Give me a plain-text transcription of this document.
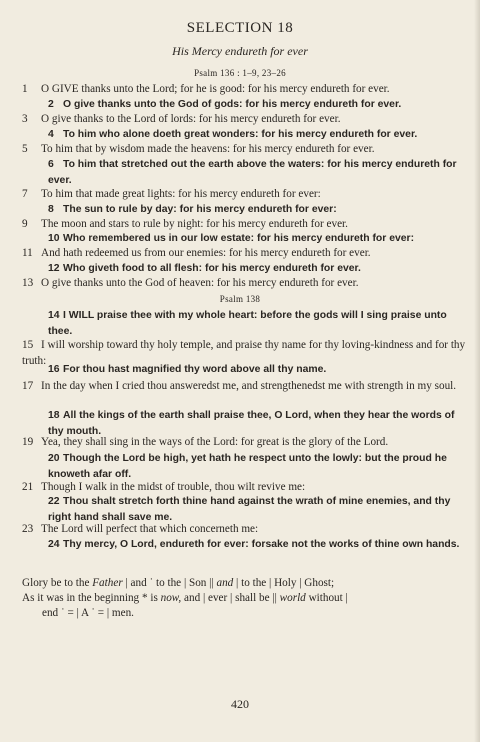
SELECTION 18
His Mercy endureth for ever
Psalm 136 : 1–9, 23–26
1 O GIVE thanks unto the Lord; for he is good: for his mercy endureth for ever.
2 O give thanks unto the God of gods: for his mercy endureth for ever.
3 O give thanks to the Lord of lords: for his mercy endureth for ever.
4 To him who alone doeth great wonders: for his mercy endureth for ever.
5 To him that by wisdom made the heavens: for his mercy endureth for ever.
6 To him that stretched out the earth above the waters: for his mercy endureth for ever.
7 To him that made great lights: for his mercy endureth for ever:
8 The sun to rule by day: for his mercy endureth for ever:
9 The moon and stars to rule by night: for his mercy endureth for ever.
10 Who remembered us in our low estate: for his mercy endureth for ever:
11 And hath redeemed us from our enemies: for his mercy endureth for ever.
12 Who giveth food to all flesh: for his mercy endureth for ever.
13 O give thanks unto the God of heaven: for his mercy endureth for ever.
14 I WILL praise thee with my whole heart: before the gods will I sing praise unto thee.
15 I will worship toward thy holy temple, and praise thy name for thy loving-kindness and for thy truth:
16 For thou hast magnified thy word above all thy name.
17 In the day when I cried thou answeredst me, and strengthenedst me with strength in my soul.
18 All the kings of the earth shall praise thee, O Lord, when they hear the words of thy mouth.
19 Yea, they shall sing in the ways of the Lord: for great is the glory of the Lord.
20 Though the Lord be high, yet hath he respect unto the lowly: but the proud he knoweth afar off.
21 Though I walk in the midst of trouble, thou wilt revive me:
22 Thou shalt stretch forth thine hand against the wrath of mine enemies, and thy right hand shall save me.
23 The Lord will perfect that which concerneth me:
24 Thy mercy, O Lord, endureth for ever: forsake not the works of thine own hands.
Psalm 138
Glory be to the Father | and ˙ to the | Son || and | to the | Holy | Ghost;
As it was in the beginning * is now, and | ever | shall be || world without |
end ˙ = | A ˙ = | men.
420
